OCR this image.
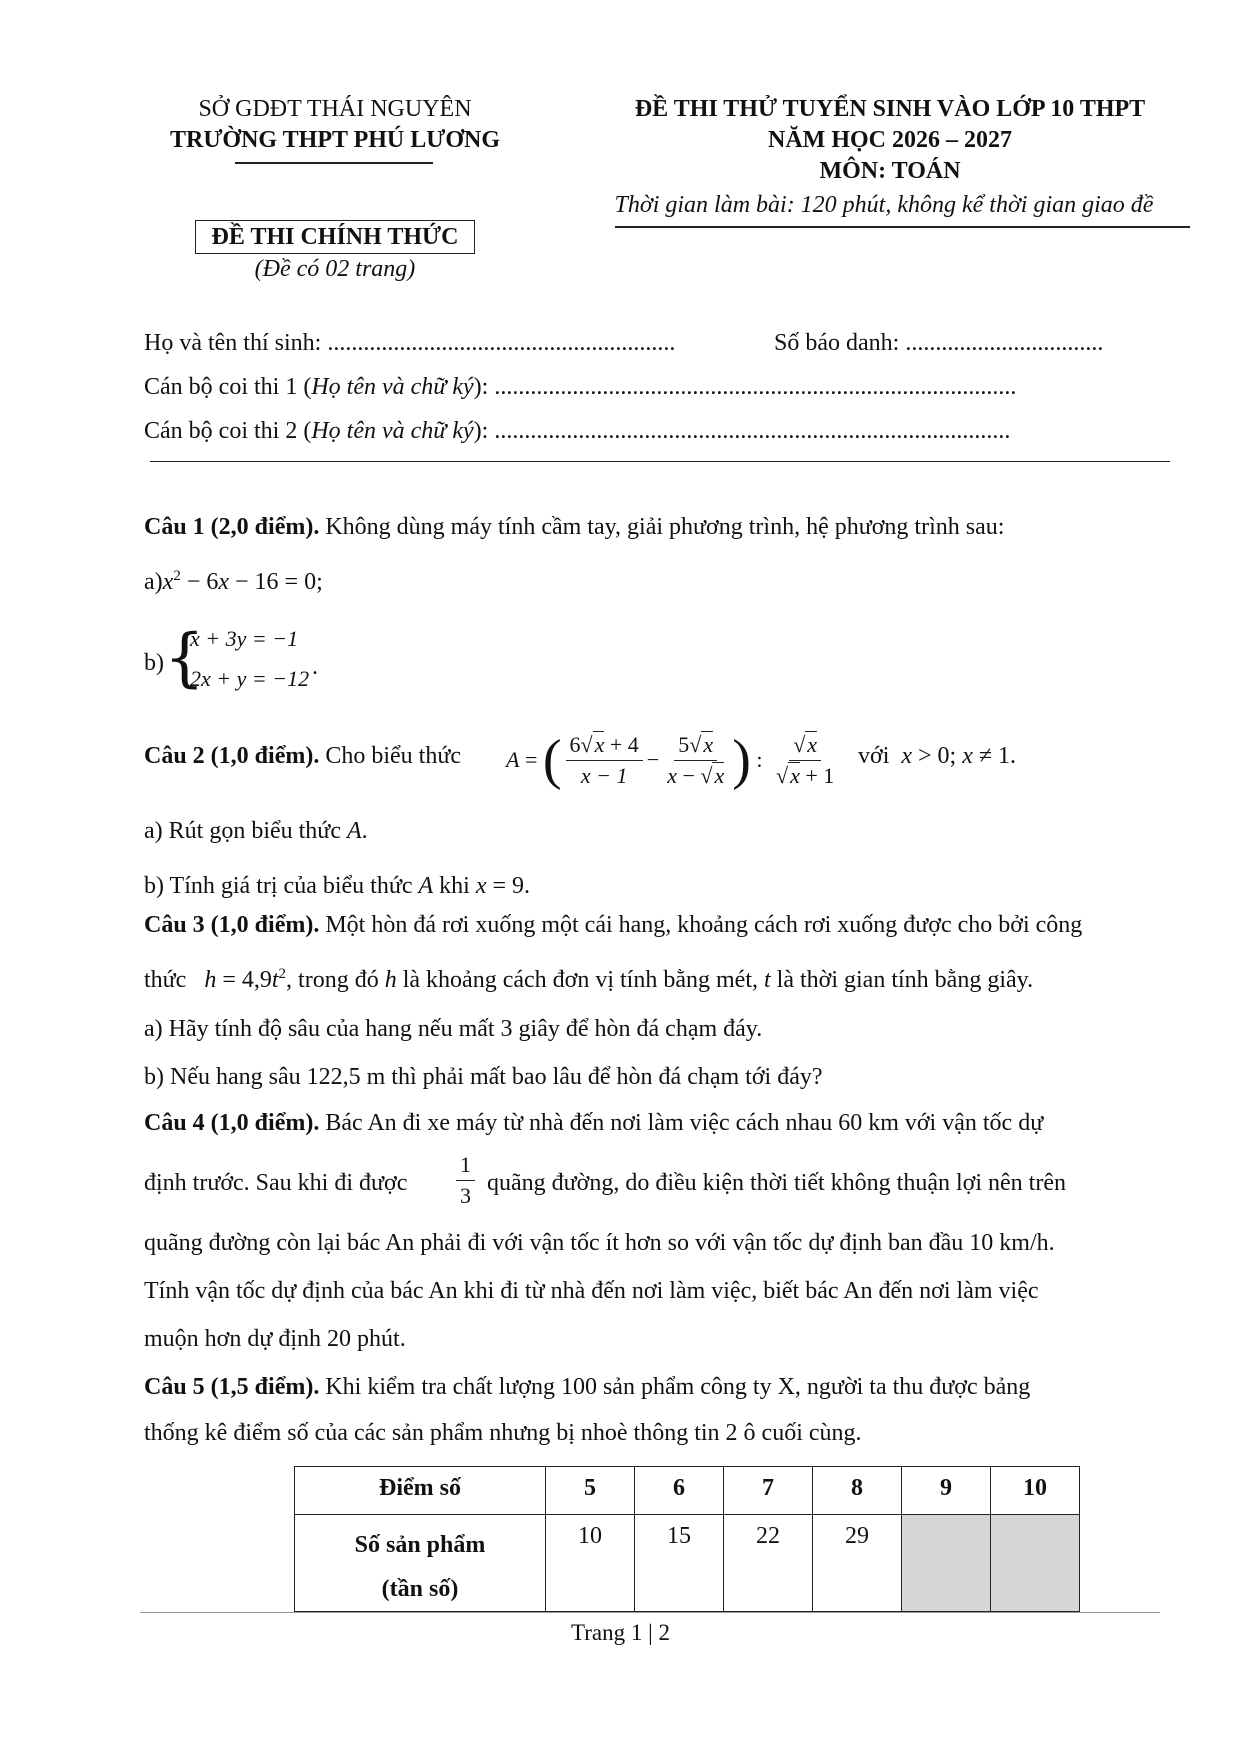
SỞ GDĐT THÁI NGUYÊN
TRƯỜNG THPT PHÚ LƯƠNG
ĐỀ THI THỬ TUYỂN SINH VÀO LỚP 10 THPT
NĂM HỌC 2026 – 2027
MÔN: TOÁN
Thời gian làm bài: 120 phút, không kể thời gian giao đề
ĐỀ THI CHÍNH THỨC
(Đề có 02 trang)
Họ và tên thí sinh: ..........................................................	Số báo danh: .................................
Cán bộ coi thi 1 (Họ tên và chữ ký): .......................................................................................
Cán bộ coi thi 2 (Họ tên và chữ ký): ......................................................................................
Câu 1 (2,0 điểm). Không dùng máy tính cầm tay, giải phương trình, hệ phương trình sau:
$a)x^2 - 6x - 16 = 0$;
b) {
x + 3y = −1
2x + y = −12 .
Câu 2 (1,0 điểm). Cho biểu thức A = ( $\frac{6√x + 4}{x - 1} - \frac{5√x}{x - √x}$ ) : $\frac{√x}{√x + 1}$ với x > 0; x ≠ 1.
a) Rút gọn biểu thức A.
b) Tính giá trị của biểu thức A khi x = 9.
Câu 3 (1,0 điểm). Một hòn đá rơi xuống một cái hang, khoảng cách rơi xuống được cho bởi công
thức $h = 4,9t^2$, trong đó h là khoảng cách đơn vị tính bằng mét, t là thời gian tính bằng giây.
a) Hãy tính độ sâu của hang nếu mất 3 giây để hòn đá chạm đáy.
b) Nếu hang sâu 122,5 m thì phải mất bao lâu để hòn đá chạm tới đáy?
Câu 4 (1,0 điểm). Bác An đi xe máy từ nhà đến nơi làm việc cách nhau 60 km với vận tốc dự
định trước. Sau khi đi được $\frac{1}{3}$ quãng đường, do điều kiện thời tiết không thuận lợi nên trên
quãng đường còn lại bác An phải đi với vận tốc ít hơn so với vận tốc dự định ban đầu 10 km/h.
Tính vận tốc dự định của bác An khi đi từ nhà đến nơi làm việc, biết bác An đến nơi làm việc
muộn hơn dự định 20 phút.
Câu 5 (1,5 điểm). Khi kiểm tra chất lượng 100 sản phẩm công ty X, người ta thu được bảng
thống kê điểm số của các sản phẩm nhưng bị nhoè thông tin 2 ô cuối cùng.
Điểm số	5	6	7	8	9	10

Số sản phẩm
(tần số)	10	15	22	29		
Trang 1 | 2
